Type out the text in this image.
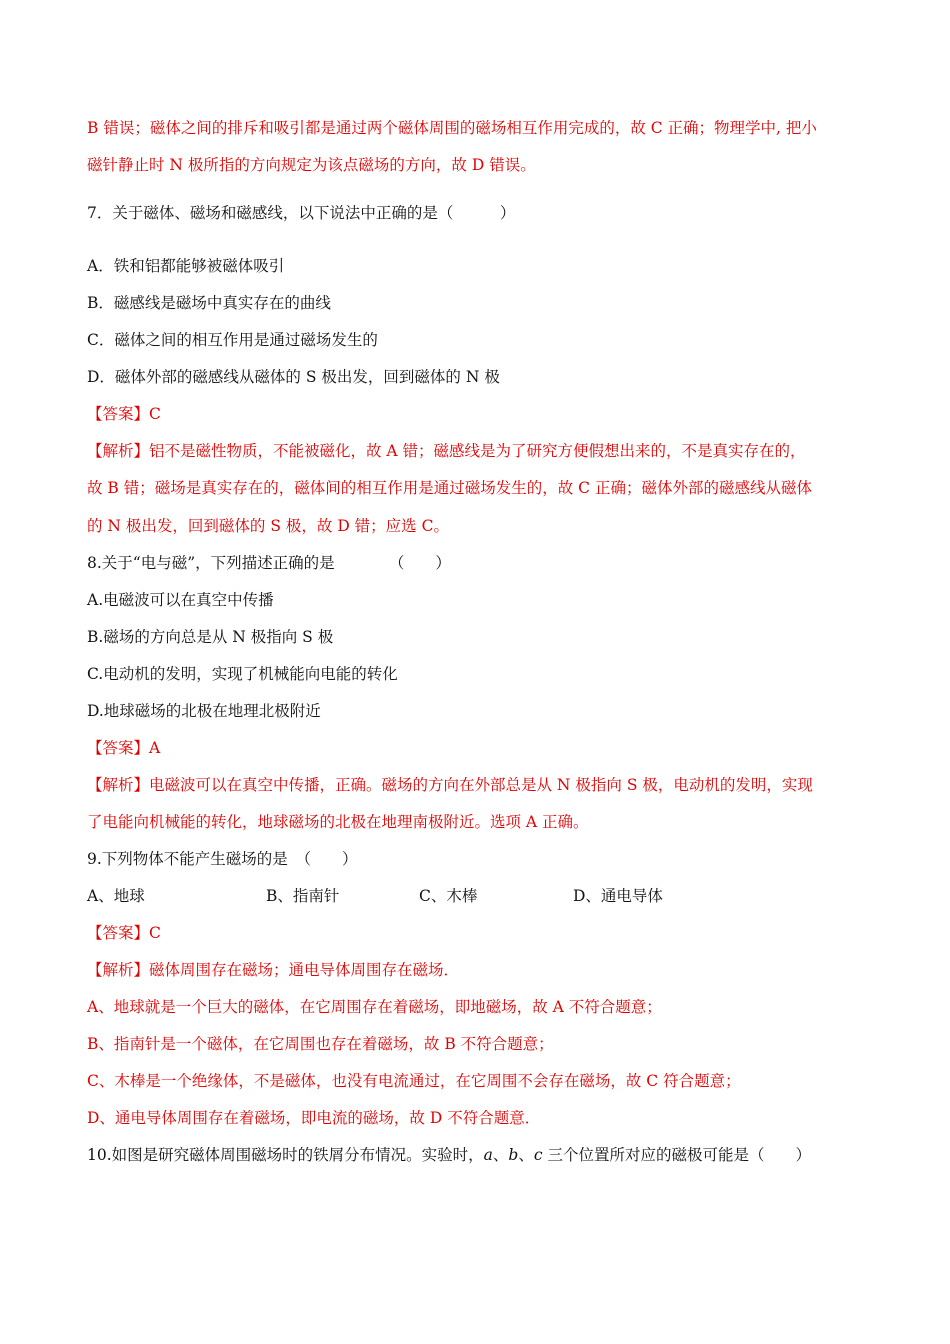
B 错误；磁体之间的排斥和吸引都是通过两个磁体周围的磁场相互作用完成的，故 C 正确；物理学中, 把小
磁针静止时 N 极所指的方向规定为该点磁场的方向，故 D 错误。
7．关于磁体、磁场和磁感线，以下说法中正确的是（　　　）
A．铁和铝都能够被磁体吸引
B．磁感线是磁场中真实存在的曲线
C．磁体之间的相互作用是通过磁场发生的
D．磁体外部的磁感线从磁体的 S 极出发，回到磁体的 N 极
【答案】C
【解析】铝不是磁性物质，不能被磁化，故 A 错；磁感线是为了研究方便假想出来的，不是真实存在的，
故 B 错；磁场是真实存在的，磁体间的相互作用是通过磁场发生的，故 C 正确；磁体外部的磁感线从磁体
的 N 极出发，回到磁体的 S 极，故 D 错；应选 C。
8.关于“电与磁”，下列描述正确的是　　　　（　　）
A.电磁波可以在真空中传播
B.磁场的方向总是从 N 极指向 S 极
C.电动机的发明，实现了机械能向电能的转化
D.地球磁场的北极在地理北极附近
【答案】A
【解析】电磁波可以在真空中传播，正确。磁场的方向在外部总是从 N 极指向 S 极，电动机的发明，实现
了电能向机械能的转化，地球磁场的北极在地理南极附近。选项 A 正确。
9.下列物体不能产生磁场的是　（　　）
A、地球	B、指南针	C、木棒	D、通电导体
【答案】C
【解析】磁体周围存在磁场；通电导体周围存在磁场．
A、地球就是一个巨大的磁体，在它周围存在着磁场，即地磁场，故 A 不符合题意；
B、指南针是一个磁体，在它周围也存在着磁场，故 B 不符合题意；
C、木棒是一个绝缘体，不是磁体，也没有电流通过，在它周围不会存在磁场，故 C 符合题意；
D、通电导体周围存在着磁场，即电流的磁场，故 D 不符合题意．
10.如图是研究磁体周围磁场时的铁屑分布情况。实验时，a、b、c 三个位置所对应的磁极可能是（　　）
